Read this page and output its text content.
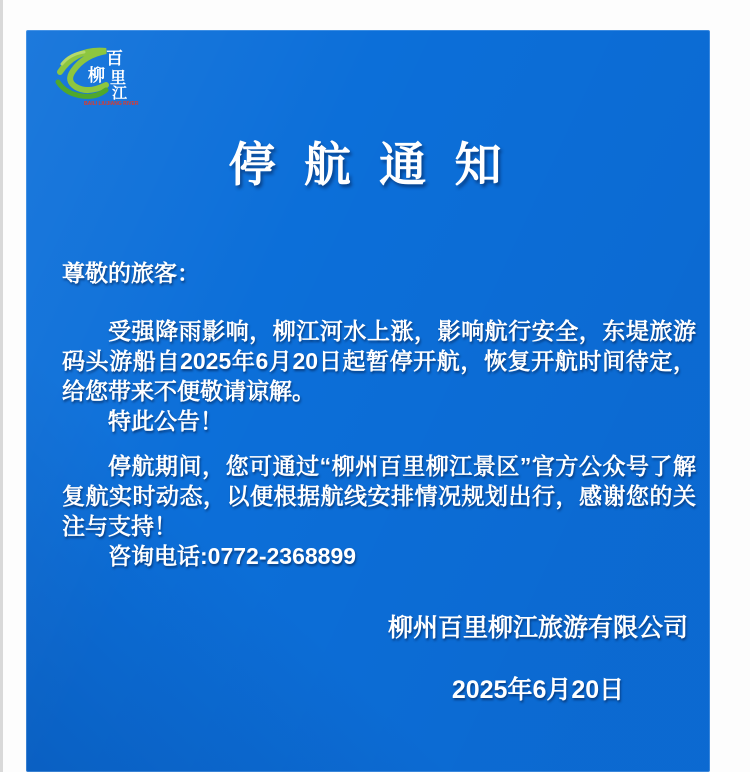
百
柳 里
江
BAILI LIUJIANG RIVER
停 航 通 知

尊敬的旅客：

受强降雨影响，柳江河水上涨，影响航行安全，东堤旅游码头游船自2025年6月20日起暂停开航，恢复开航时间待定，给您带来不便敬请谅解。

特此公告！

停航期间，您可通过“柳州百里柳江景区”官方公众号了解复航实时动态，以便根据航线安排情况规划出行，感谢您的关注与支持！

咨询电话:0772-2368899

柳州百里柳江旅游有限公司
2025年6月20日
